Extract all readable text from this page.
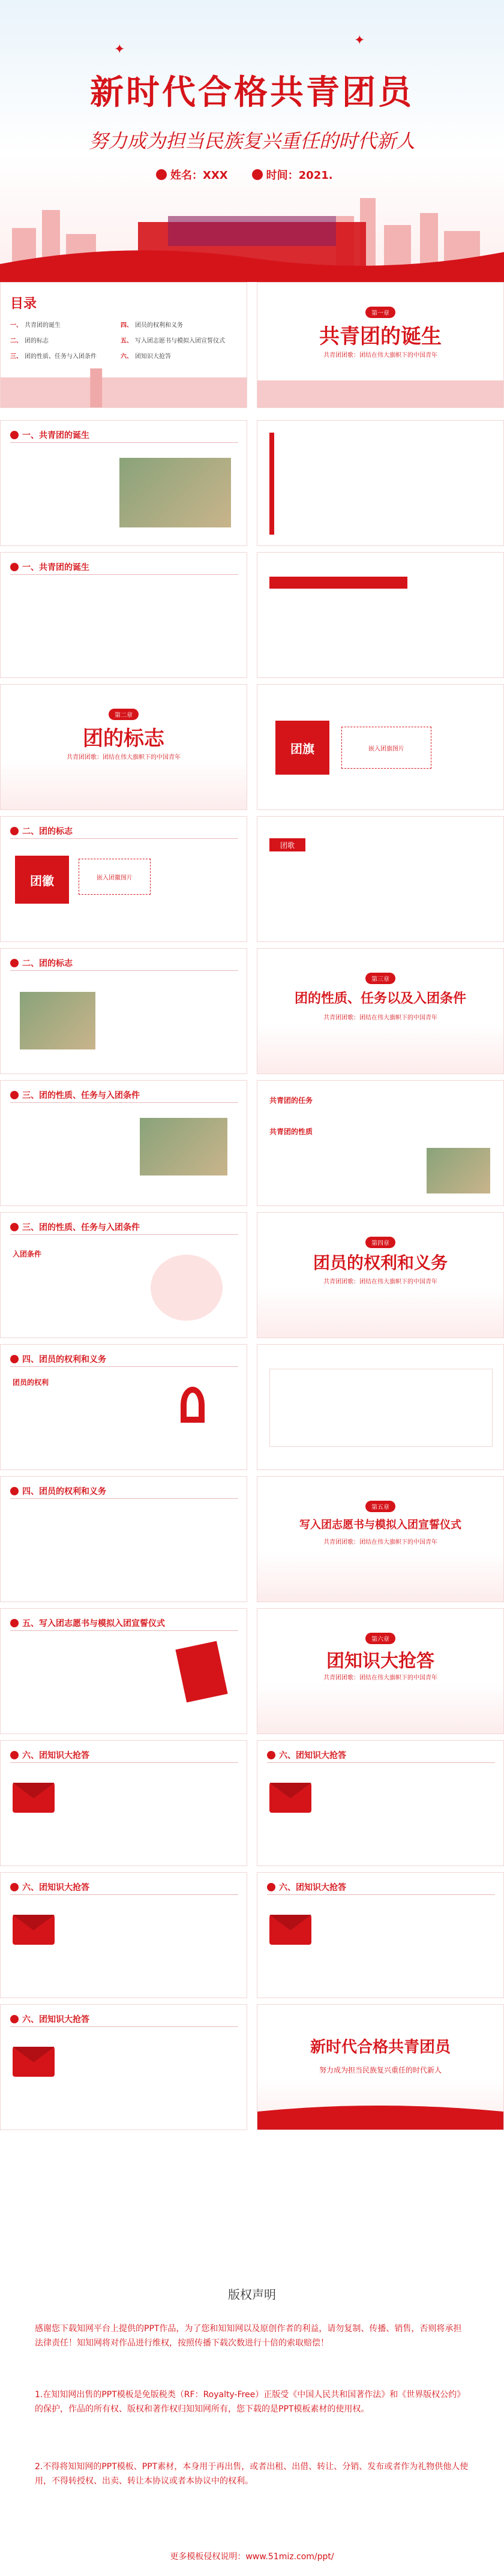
✦
✦
新时代合格共青团员
努力成为担当民族复兴重任的时代新人
姓名：XXX	时间：2021.
目录
一、 共青团的诞生	四、 团员的权利和义务
二、 团的标志	五、 写入团志愿书与模拟入团宣誓仪式
三、 团的性质、任务与入团条件	六、 团知识大抢答
第一章
共青团的诞生
共青团团歌：团结在伟大旗帜下的中国青年
一、共青团的诞生
一、共青团的诞生
第二章
团的标志
共青团团歌：团结在伟大旗帜下的中国青年
团旗	嵌入团旗图片
二、团的标志
团徽	嵌入团徽图片
团歌
二、团的标志
第三章
团的性质、任务以及入团条件
共青团团歌：团结在伟大旗帜下的中国青年
三、团的性质、任务与入团条件	共青团的任务
共青团的性质
三、团的性质、任务与入团条件
入团条件
第四章
团员的权利和义务
共青团团歌：团结在伟大旗帜下的中国青年
四、团员的权利和义务
团员的权利
四、团员的权利和义务
第五章
写入团志愿书与模拟入团宣誓仪式
共青团团歌：团结在伟大旗帜下的中国青年
五、写入团志愿书与模拟入团宣誓仪式
第六章
团知识大抢答
共青团团歌：团结在伟大旗帜下的中国青年
六、团知识大抢答	六、团知识大抢答
六、团知识大抢答	六、团知识大抢答
六、团知识大抢答
新时代合格共青团员
努力成为担当民族复兴重任的时代新人
版权声明
感谢您下载知网平台上提供的PPT作品，为了您和知知网以及原创作者的利益，请勿复制、传播、销售，否则将承担法律责任！知知网将对作品进行维权，按照传播下载次数进行十倍的索取赔偿！
1.在知知网出售的PPT模板是免版税类（RF：Royalty-Free）正版受《中国人民共和国著作法》和《世界版权公约》的保护，作品的所有权、版权和著作权归知知网所有，您下载的是PPT模板素材的使用权。
2.不得将知知网的PPT模板、PPT素材，本身用于再出售，或者出租、出借、转让、分销、发布或者作为礼物供他人使用，不得转授权、出卖、转让本协议或者本协议中的权利。
更多模板侵权说明：www.51miz.com/ppt/
